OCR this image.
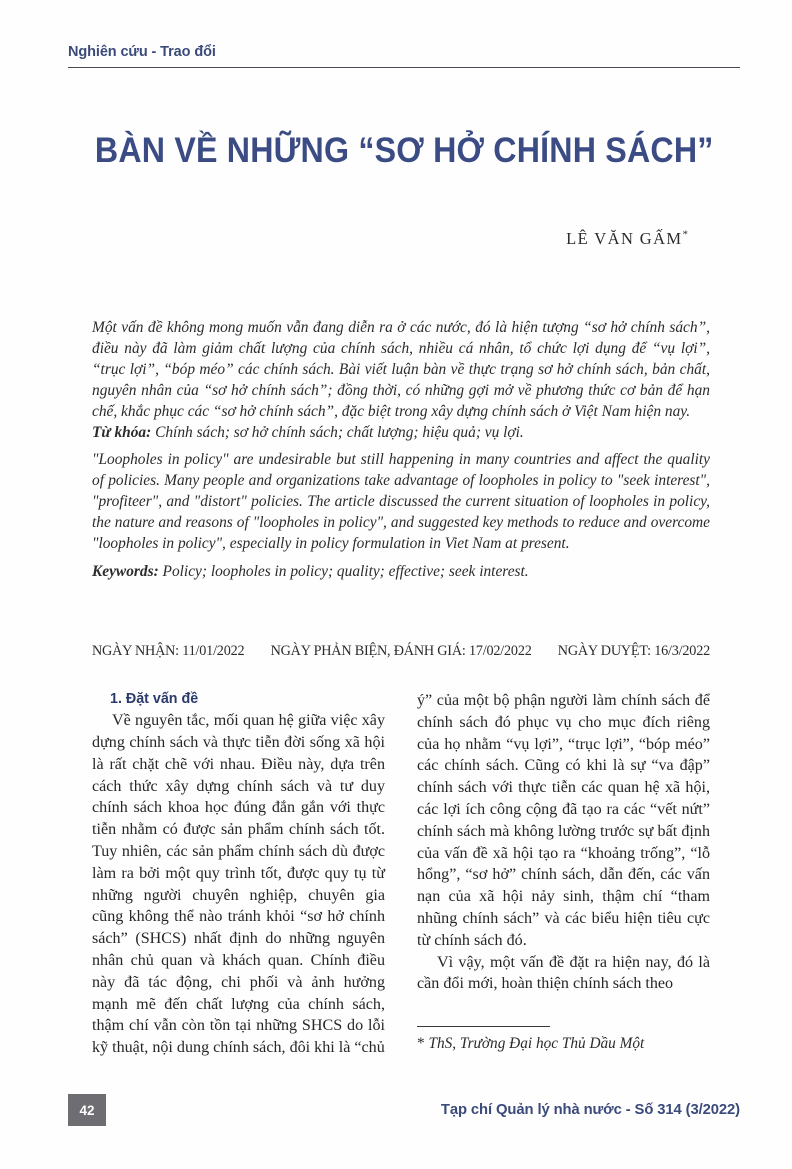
Nghiên cứu - Trao đổi
BÀN VỀ NHỮNG “SƠ HỞ CHÍNH SÁCH”
LÊ VĂN GẤM*

Một vấn đề không mong muốn vẫn đang diễn ra ở các nước, đó là hiện tượng “sơ hở chính sách”, điều này đã làm giảm chất lượng của chính sách, nhiều cá nhân, tổ chức lợi dụng để “vụ lợi”, “trục lợi”, “bóp méo” các chính sách. Bài viết luận bàn về thực trạng sơ hở chính sách, bản chất, nguyên nhân của “sơ hở chính sách”; đồng thời, có những gợi mở về phương thức cơ bản để hạn chế, khắc phục các “sơ hở chính sách”, đặc biệt trong xây dựng chính sách ở Việt Nam hiện nay.

Từ khóa: Chính sách; sơ hở chính sách; chất lượng; hiệu quả; vụ lợi.

"Loopholes in policy" are undesirable but still happening in many countries and affect the quality of policies. Many people and organizations take advantage of loopholes in policy to "seek interest", "profiteer", and "distort" policies. The article discussed the current situation of loopholes in policy, the nature and reasons of "loopholes in policy", and suggested key methods to reduce and overcome "loopholes in policy", especially in policy formulation in Viet Nam at present.

Keywords: Policy; loopholes in policy; quality; effective; seek interest.

NGÀY NHẬN: 11/01/2022 NGÀY PHẢN BIỆN, ĐÁNH GIÁ: 17/02/2022 NGÀY DUYỆT: 16/3/2022
1. Đặt vấn đề

Về nguyên tắc, mối quan hệ giữa việc xây dựng chính sách và thực tiễn đời sống xã hội là rất chặt chẽ với nhau. Điều này, dựa trên cách thức xây dựng chính sách và tư duy chính sách khoa học đúng đắn gắn với thực tiễn nhằm có được sản phẩm chính sách tốt. Tuy nhiên, các sản phẩm chính sách dù được làm ra bởi một quy trình tốt, được quy tụ từ những người chuyên nghiệp, chuyên gia cũng không thể nào tránh khỏi “sơ hở chính sách” (SHCS) nhất định do những nguyên nhân chủ quan và khách quan. Chính điều này đã tác động, chi phối và ảnh hưởng mạnh mẽ đến chất lượng của chính sách, thậm chí vẫn còn tồn tại những SHCS do lỗi kỹ thuật, nội dung chính sách, đôi khi là “chủ

ý” của một bộ phận người làm chính sách để chính sách đó phục vụ cho mục đích riêng của họ nhằm “vụ lợi”, “trục lợi”, “bóp méo” các chính sách. Cũng có khi là sự “va đập” chính sách với thực tiễn các quan hệ xã hội, các lợi ích công cộng đã tạo ra các “vết nứt” chính sách mà không lường trước sự bất định của vấn đề xã hội tạo ra “khoảng trống”, “lỗ hổng”, “sơ hở” chính sách, dẫn đến, các vấn nạn của xã hội nảy sinh, thậm chí “tham nhũng chính sách” và các biểu hiện tiêu cực từ chính sách đó.

Vì vậy, một vấn đề đặt ra hiện nay, đó là cần đổi mới, hoàn thiện chính sách theo

* ThS, Trường Đại học Thủ Dầu Một
42	Tạp chí Quản lý nhà nước - Số 314 (3/2022)
